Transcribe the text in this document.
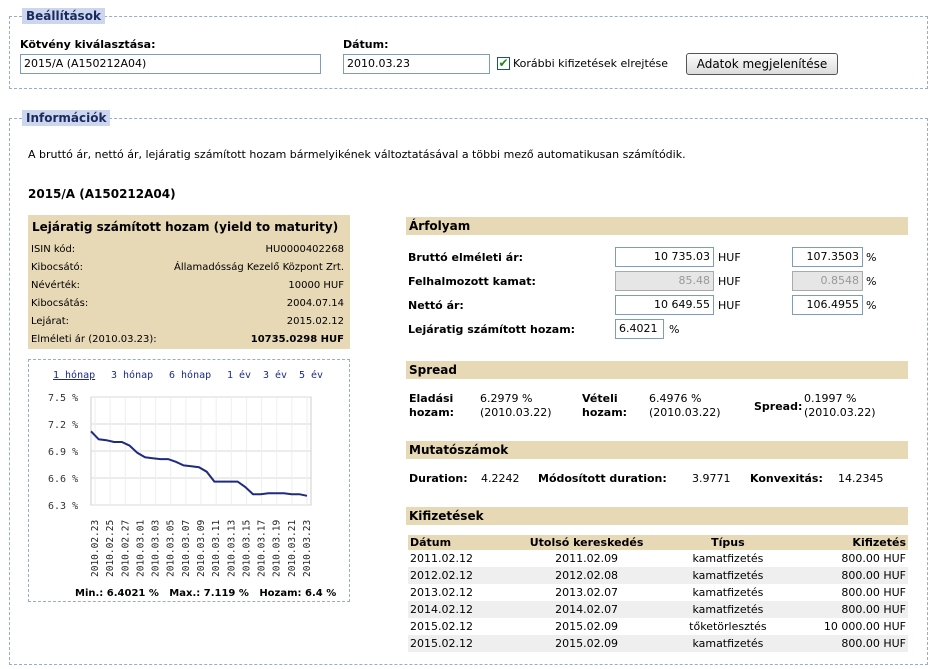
Beállítások
Kötvény kiválasztása:
2015/A (A150212A04)
Dátum:
2010.03.23	✔ Korábbi kifizetések elrejtése	Adatok megjelenítése
Információk
A bruttó ár, nettó ár, lejáratig számított hozam bármelyikének változtatásával a többi mező automatikusan számítódik.
2015/A (A150212A04)
Lejáratig számított hozam (yield to maturity)
ISIN kód:	HU0000402268
Kibocsátó:	Államadósság Kezelő Központ Zrt.
Névérték:	10000 HUF
Kibocsátás:	2004.07.14
Lejárat:	2015.02.12
Elméleti ár (2010.03.23):	10735.0298 HUF
1 hónap 3 hónap 6 hónap 1 év 3 év 5 év
7.5 %
7.2 %
6.9 %
6.6 %
6.3 %
2010.02.23 2010.02.25 2010.02.27 2010.03.01 2010.03.03 2010.03.05 2010.03.07 2010.03.09 2010.03.11 2010.03.13 2010.03.15 2010.03.17 2010.03.19 2010.03.21 2010.03.23
Min.: 6.4021 %   Max.: 7.119 %   Hozam: 6.4 %
Árfolyam
Bruttó elméleti ár:	10 735.03 HUF	107.3503 %
Felhalmozott kamat:	85.48 HUF	0.8548 %
Nettó ár:	10 649.55 HUF	106.4955 %
Lejáratig számított hozam:	6.4021	%
Spread
Eladási
hozam:
6.2979 %
(2010.03.22)
Vételi
hozam:
6.4976 %
(2010.03.22)	Spread:
0.1997 %
(2010.03.22)
Mutatószámok
Duration: 4.2242 Módosított duration: 3.9771 Konvexitás: 14.2345
Kifizetések
Dátum	Utolsó kereskedés	Típus	Kifizetés
2011.02.12	2011.02.09	kamatfizetés	800.00 HUF
2012.02.12	2012.02.08	kamatfizetés	800.00 HUF
2013.02.12	2013.02.07	kamatfizetés	800.00 HUF
2014.02.12	2014.02.07	kamatfizetés	800.00 HUF
2015.02.12	2015.02.09	tőketörlesztés	10 000.00 HUF
2015.02.12	2015.02.09	kamatfizetés	800.00 HUF
